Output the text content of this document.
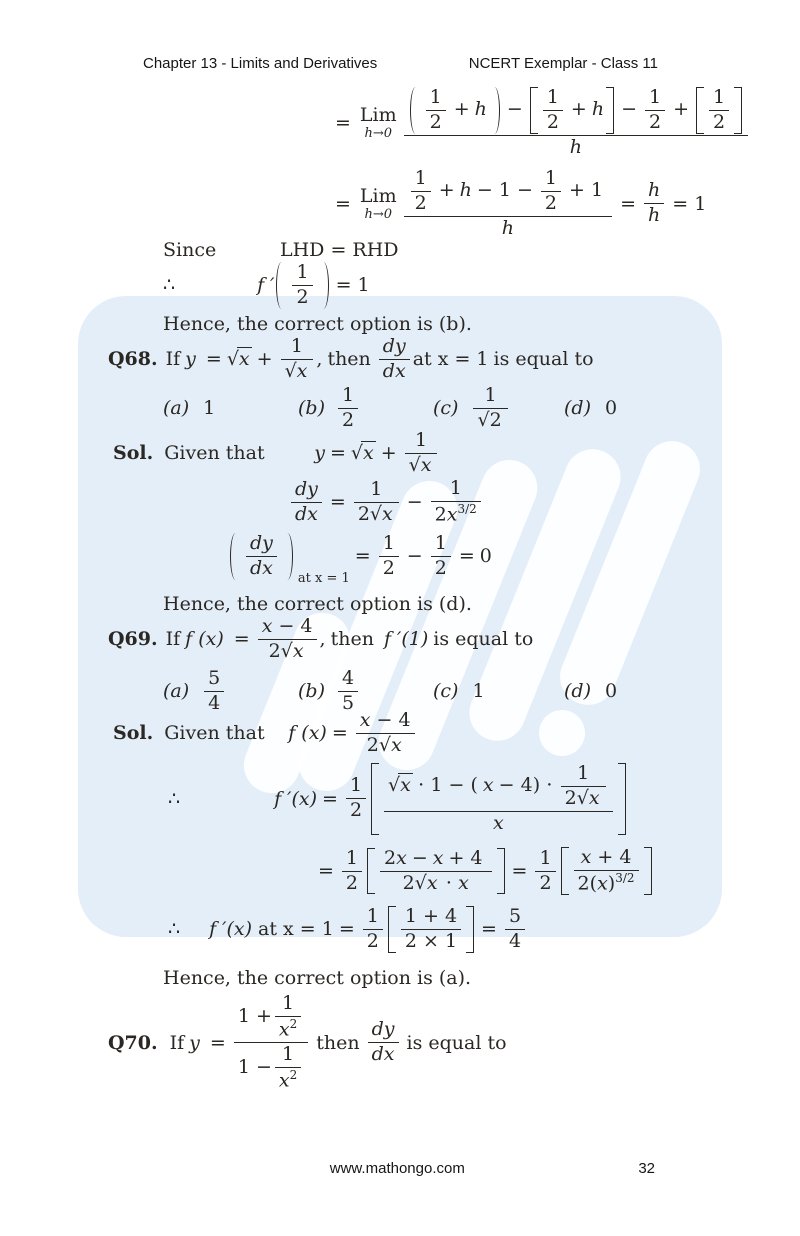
Chapter 13 - Limits and Derivatives	NCERT Exemplar - Class 11
= Lim
h→0
1
2
+ h −
1
2
+ $h - \frac{1}{2}$ +
1
2
h
= Lim
h→0 1
2
+ $h - 1 - \frac{1}{2} + 1$
$h = \frac{h}{h} = 1$
Since	LHD = RHD
∴	f ′
1
2
= 1
Hence, the correct option is (b).
Q68. If $y = √x + \frac{1}{√x}$ , then
dy
dx
at x = 1 is equal to
(a) 1	(b)
1
2
(c)
1
√2
(d) 0
Sol. Given that	$y = √x + \frac{1}{√x}$
$\frac{dy}{dx} = \frac{1}{2√x} - \frac{1}{2x^{3/2}}$
dy
dx	at x = 1
= $\frac{1}{2} - \frac{1}{2} = 0$
Hence, the correct option is (d).
Q69. If f $(x) = \frac{x - 4}{2√x}$ , then f ′(1) is equal to
(a)
5
4
(b)
4
5
(c) 1	(d) 0
Sol. Given that	f $(x) = \frac{x - 4}{2√x}$
∴	f $'(x) = \frac{1}{2} √x \cdot 1$ − ( x − 4) ⋅
1
2√x
x
= $\frac{1}{2} 2$ x − x + 4
2√x ⋅ x
= $\frac{1}{2}$ x + 4
$2(x)^{3/2}$
∴ f ′(x) at $x = 1 = \frac{1}{2} 1 + 4$
2 × 1
= $\frac{5}{4}$
Hence, the correct option is (a).
Q70. If $y = \frac{1 + \frac{1}{x^2}}{1 - \frac{1}{x^2}}$ then
dy
dx
is equal to
www.mathongo.com	32
